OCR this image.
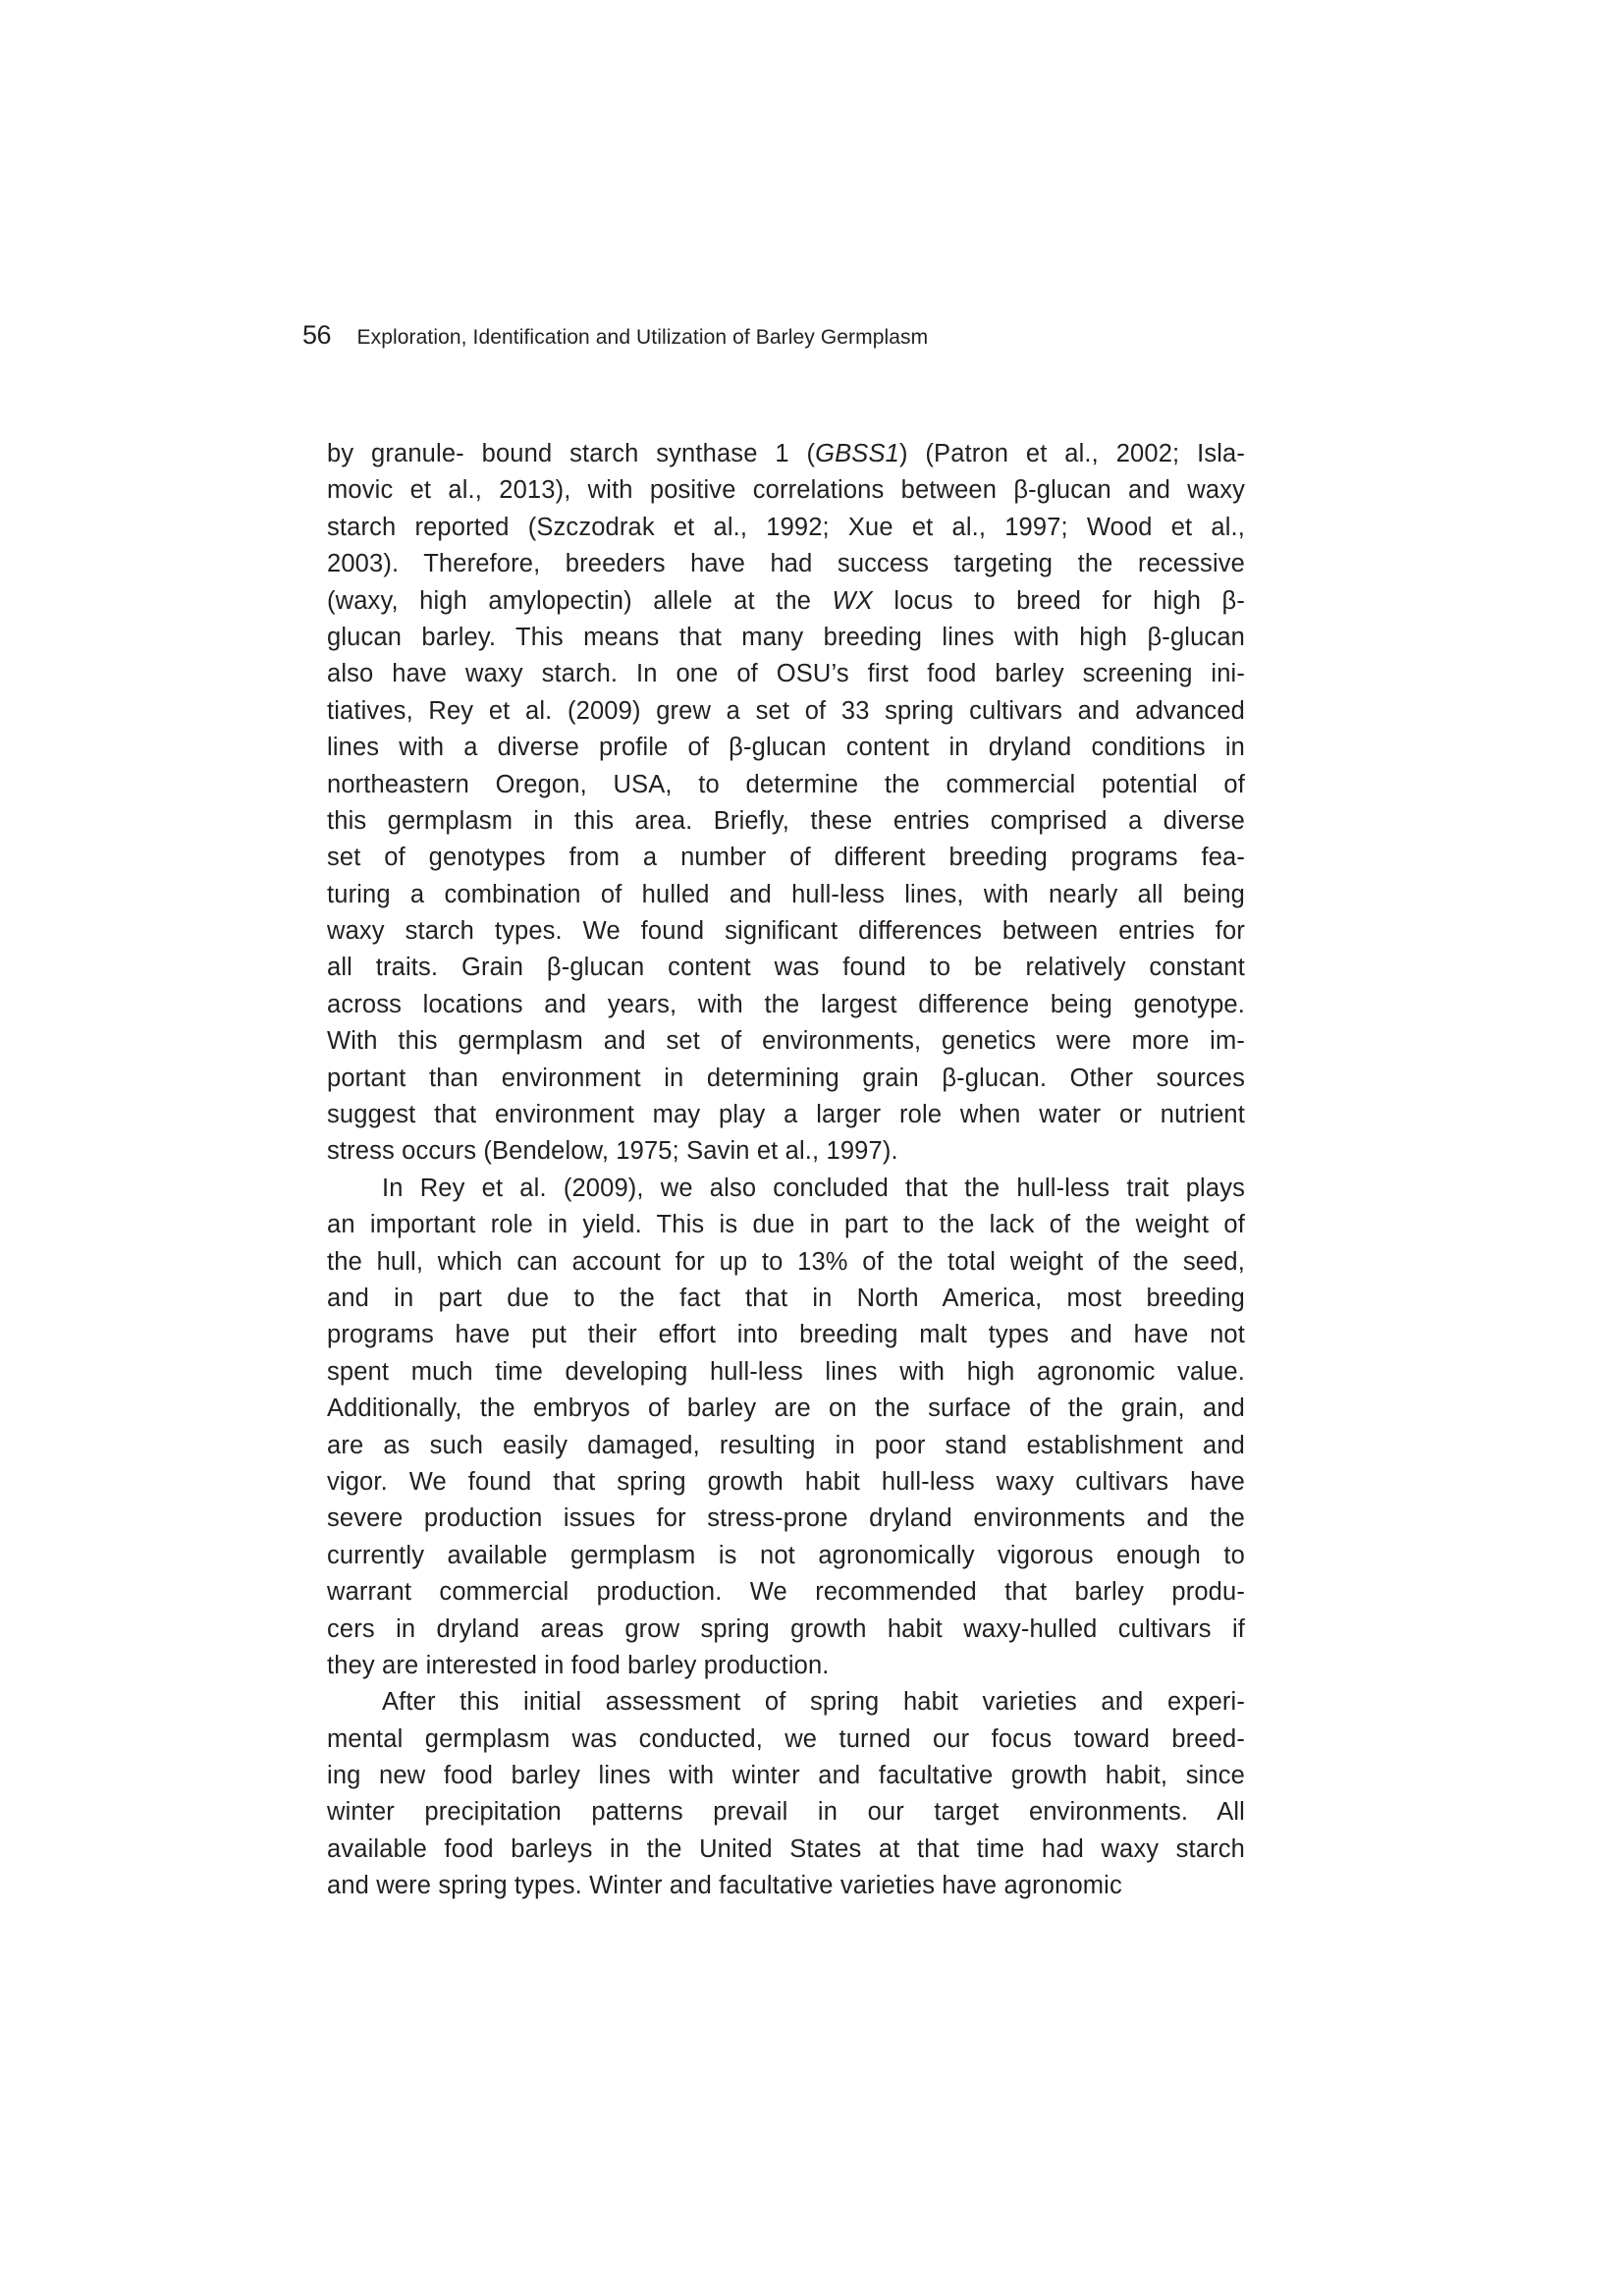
56 Exploration, Identification and Utilization of Barley Germplasm
by granule- bound starch synthase 1 (GBSS1) (Patron et al., 2002; Isla-
movic et al., 2013), with positive correlations between β-glucan and waxy
starch reported (Szczodrak et al., 1992; Xue et al., 1997; Wood et al.,
2003). Therefore, breeders have had success targeting the recessive
(waxy, high amylopectin) allele at the WX locus to breed for high β-
glucan barley. This means that many breeding lines with high β-glucan
also have waxy starch. In one of OSU’s first food barley screening ini-
tiatives, Rey et al. (2009) grew a set of 33 spring cultivars and advanced
lines with a diverse profile of β-glucan content in dryland conditions in
northeastern Oregon, USA, to determine the commercial potential of
this germplasm in this area. Briefly, these entries comprised a diverse
set of genotypes from a number of different breeding programs fea-
turing a combination of hulled and hull-less lines, with nearly all being
waxy starch types. We found significant differences between entries for
all traits. Grain β-glucan content was found to be relatively constant
across locations and years, with the largest difference being genotype.
With this germplasm and set of environments, genetics were more im-
portant than environment in determining grain β-glucan. Other sources
suggest that environment may play a larger role when water or nutrient
stress occurs (Bendelow, 1975; Savin et al., 1997).
In Rey et al. (2009), we also concluded that the hull-less trait plays
an important role in yield. This is due in part to the lack of the weight of
the hull, which can account for up to 13% of the total weight of the seed,
and in part due to the fact that in North America, most breeding
programs have put their effort into breeding malt types and have not
spent much time developing hull-less lines with high agronomic value.
Additionally, the embryos of barley are on the surface of the grain, and
are as such easily damaged, resulting in poor stand establishment and
vigor. We found that spring growth habit hull-less waxy cultivars have
severe production issues for stress-prone dryland environments and the
currently available germplasm is not agronomically vigorous enough to
warrant commercial production. We recommended that barley produ-
cers in dryland areas grow spring growth habit waxy-hulled cultivars if
they are interested in food barley production.
After this initial assessment of spring habit varieties and experi-
mental germplasm was conducted, we turned our focus toward breed-
ing new food barley lines with winter and facultative growth habit, since
winter precipitation patterns prevail in our target environments. All
available food barleys in the United States at that time had waxy starch
and were spring types. Winter and facultative varieties have agronomic
